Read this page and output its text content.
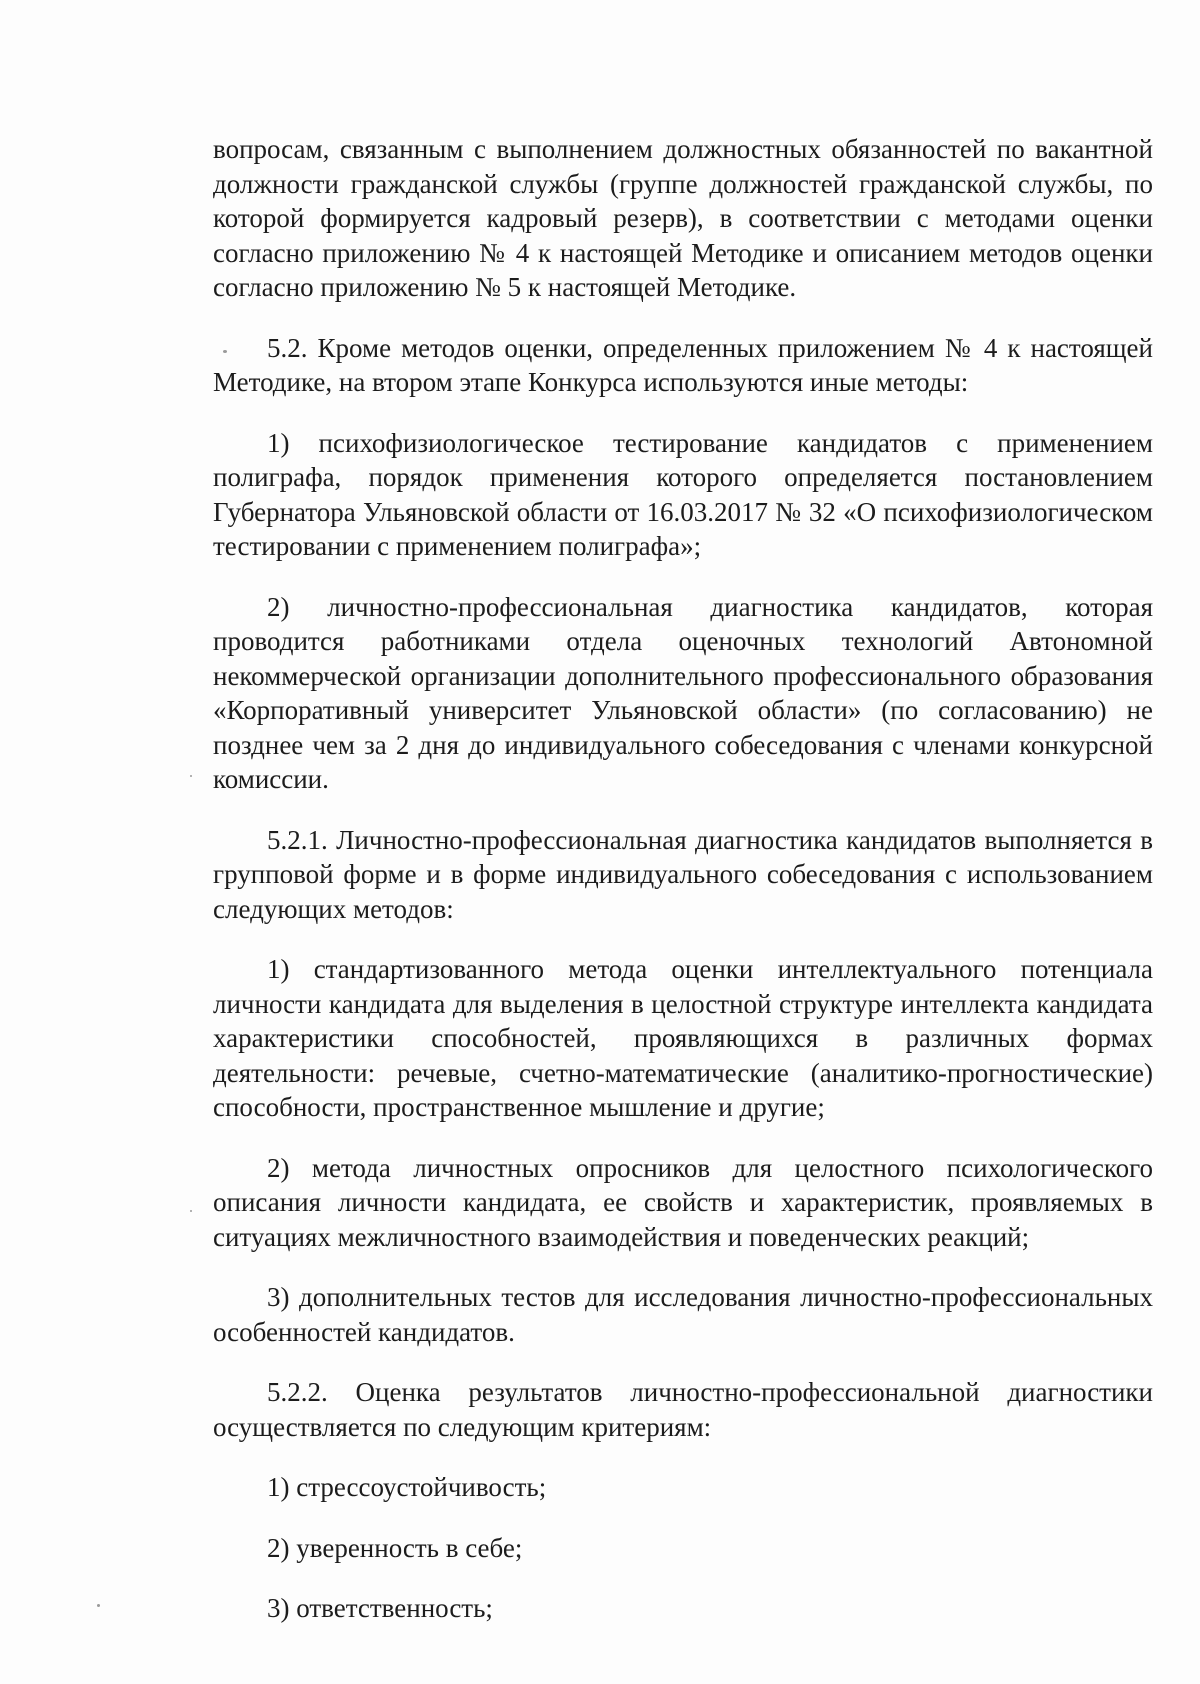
вопросам, связанным с выполнением должностных обязанностей по вакантной должности гражданской службы (группе должностей гражданской службы, по которой формируется кадровый резерв), в соответствии с методами оценки согласно приложению № 4 к настоящей Методике и описанием методов оценки согласно приложению № 5 к настоящей Методике.

5.2. Кроме методов оценки, определенных приложением № 4 к настоящей Методике, на втором этапе Конкурса используются иные методы:

1) психофизиологическое тестирование кандидатов с применением полиграфа, порядок применения которого определяется постановлением Губернатора Ульяновской области от 16.03.2017 № 32 «О психофизиологическом тестировании с применением полиграфа»;

2) личностно-профессиональная диагностика кандидатов, которая проводится работниками отдела оценочных технологий Автономной некоммерческой организации дополнительного профессионального образования «Корпоративный университет Ульяновской области» (по согласованию) не позднее чем за 2 дня до индивидуального собеседования с членами конкурсной комиссии.

5.2.1. Личностно-профессиональная диагностика кандидатов выполняется в групповой форме и в форме индивидуального собеседования с использованием следующих методов:

1) стандартизованного метода оценки интеллектуального потенциала личности кандидата для выделения в целостной структуре интеллекта кандидата характеристики способностей, проявляющихся в различных формах деятельности: речевые, счетно-математические (аналитико-прогностические) способности, пространственное мышление и другие;

2) метода личностных опросников для целостного психологического описания личности кандидата, ее свойств и характеристик, проявляемых в ситуациях межличностного взаимодействия и поведенческих реакций;

3) дополнительных тестов для исследования личностно-профессиональных особенностей кандидатов.

5.2.2. Оценка результатов личностно-профессиональной диагностики осуществляется по следующим критериям:

1) стрессоустойчивость;

2) уверенность в себе;

3) ответственность;
